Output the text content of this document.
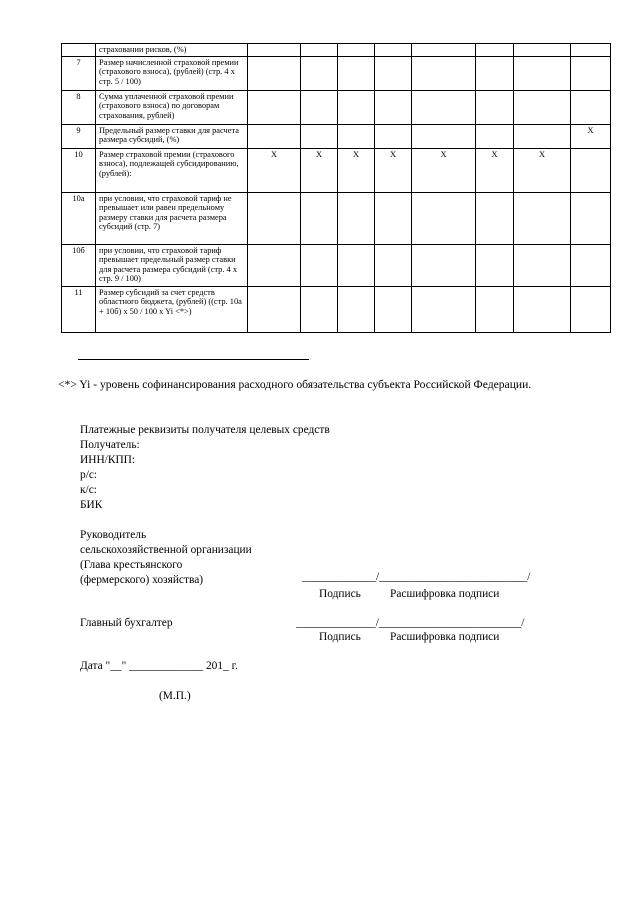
	страховании рисков, (%)								
7	Размер начисленной страховой премии (страхового взноса), (рублей) (стр. 4 х стр. 5 / 100)								
8	Сумма уплаченной страховой премии (страхового взноса) по договорам страхования, рублей)								
9	Предельный размер ставки для расчета размера субсидий, (%)								X
10	Размер страховой премии (страхового взноса), подлежащей субсидированию, (рублей):	X	X	X	X	X	X	X	
10а	при условии, что страховой тариф не превышает или равен предельному размеру ставки для расчета размера субсидий (стр. 7)								
10б	при условии, что страховой тариф превышает предельный размер ставки для расчета размера субсидий (стр. 4 х стр. 9 / 100)								
11	Размер субсидий за счет средств областного бюджета, (рублей) ((стр. 10а + 10б) x 50 / 100 x Yi <*>)								
<*> Yi - уровень софинансирования расходного обязательства субъекта Российской Федерации.
Платежные реквизиты получателя целевых средств
Получатель:
ИНН/КПП:
р/с:
к/с:
БИК
Руководитель
сельскохозяйственной организации
(Глава крестьянского
(фермерского) хозяйства)	_____________/__________________________/
Подпись	Расшифровка подписи
Главный бухгалтер	______________/_________________________/
Подпись	Расшифровка подписи
Дата "__" _____________ 201_ г.
(М.П.)
